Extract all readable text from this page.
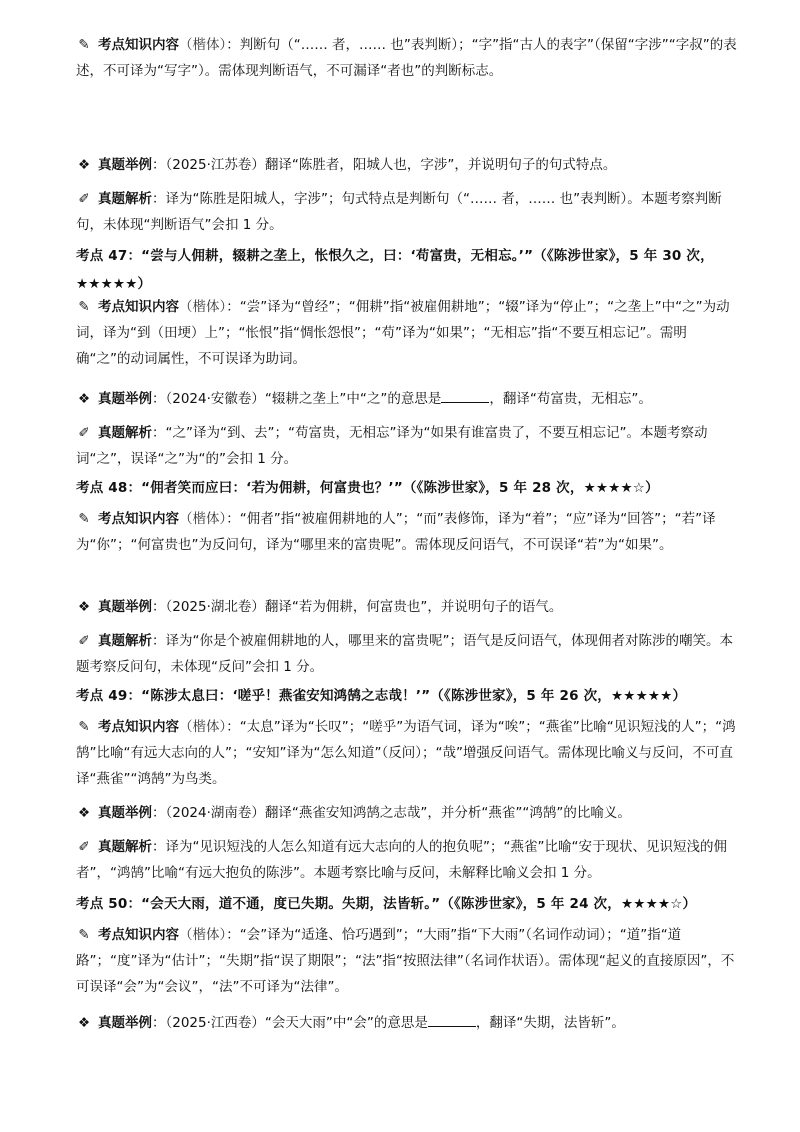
✎ 考点知识内容（楷体）：判断句（“…… 者，…… 也”表判断）；“字”指“古人的表字”（保留“字涉”“字叔”的表述，不可译为“写字”）。需体现判断语气，不可漏译“者也”的判断标志。
❖ 真题举例：（2025·江苏卷）翻译“陈胜者，阳城人也，字涉”，并说明句子的句式特点。
✐ 真题解析：译为“陈胜是阳城人，字涉”；句式特点是判断句（“…… 者，…… 也”表判断）。本题考察判断句，未体现“判断语气”会扣 1 分。
考点 47：“尝与人佣耕，辍耕之垄上，怅恨久之，曰：‘苟富贵，无相忘。’”（《陈涉世家》，5 年 30 次，★★★★★）
✎ 考点知识内容（楷体）：“尝”译为“曾经”；“佣耕”指“被雇佣耕地”；“辍”译为“停止”；“之垄上”中“之”为动词，译为“到（田埂）上”；“怅恨”指“惆怅怨恨”；“苟”译为“如果”；“无相忘”指“不要互相忘记”。需明确“之”的动词属性，不可误译为助词。
❖ 真题举例：（2024·安徽卷）“辍耕之垄上”中“之”的意思是	，翻译“苟富贵，无相忘”。
✐ 真题解析：“之”译为“到、去”；“苟富贵，无相忘”译为“如果有谁富贵了，不要互相忘记”。本题考察动词“之”，误译“之”为“的”会扣 1 分。
考点 48：“佣者笑而应曰：‘若为佣耕，何富贵也？’”（《陈涉世家》，5 年 28 次，★★★★☆）
✎ 考点知识内容（楷体）：“佣者”指“被雇佣耕地的人”；“而”表修饰，译为“着”；“应”译为“回答”；“若”译为“你”；“何富贵也”为反问句，译为“哪里来的富贵呢”。需体现反问语气，不可误译“若”为“如果”。
❖ 真题举例：（2025·湖北卷）翻译“若为佣耕，何富贵也”，并说明句子的语气。
✐ 真题解析：译为“你是个被雇佣耕地的人，哪里来的富贵呢”；语气是反问语气，体现佣者对陈涉的嘲笑。本题考察反问句，未体现“反问”会扣 1 分。
考点 49：“陈涉太息曰：‘嗟乎！燕雀安知鸿鹄之志哉！’”（《陈涉世家》，5 年 26 次，★★★★★）
✎ 考点知识内容（楷体）：“太息”译为“长叹”；“嗟乎”为语气词，译为“唉”；“燕雀”比喻“见识短浅的人”；“鸿鹄”比喻“有远大志向的人”；“安知”译为“怎么知道”（反问）；“哉”增强反问语气。需体现比喻义与反问，不可直译“燕雀”“鸿鹄”为鸟类。
❖ 真题举例：（2024·湖南卷）翻译“燕雀安知鸿鹄之志哉”，并分析“燕雀”“鸿鹄”的比喻义。
✐ 真题解析：译为“见识短浅的人怎么知道有远大志向的人的抱负呢”；“燕雀”比喻“安于现状、见识短浅的佣者”，“鸿鹄”比喻“有远大抱负的陈涉”。本题考察比喻与反问，未解释比喻义会扣 1 分。
考点 50：“会天大雨，道不通，度已失期。失期，法皆斩。”（《陈涉世家》，5 年 24 次，★★★★☆）
✎ 考点知识内容（楷体）：“会”译为“适逢、恰巧遇到”；“大雨”指“下大雨”（名词作动词）；“道”指“道路”；“度”译为“估计”；“失期”指“误了期限”；“法”指“按照法律”（名词作状语）。需体现“起义的直接原因”，不可误译“会”为“会议”，“法”不可译为“法律”。
❖ 真题举例：（2025·江西卷）“会天大雨”中“会”的意思是	，翻译“失期，法皆斩”。
